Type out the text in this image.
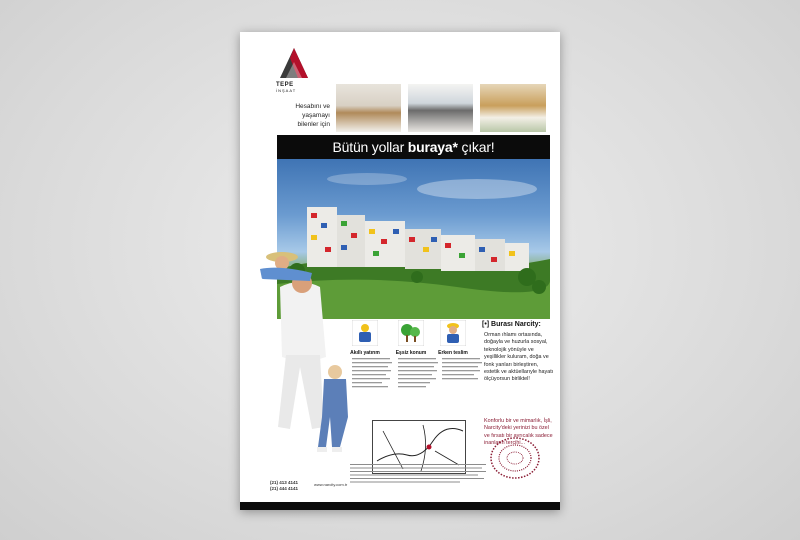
TEPE
İNŞAAT
Hesabını ve
yaşamayı
bilenler için
Bütün yollar buraya* çıkar!
Akıllı yatırım	Eşsiz konum	Erken teslim
[•] Burası Narcity:
Orman ıhlamı ortasında, doğayla ve huzurla sosyal, teknolojik yönüyle ve yeşillikler kuluram, doğa ve fonk yanları birleştiren, estetik ve aktüellarıyle hayatı ölçüyorsun birliktel!
Konforlu bir ve mimarlık, İşli, Narcity'deki yerinizi bu özel ve fırsatı bir ayrıcalık sadece inanların tercihi...
(21) 413 4141
(21) 444 4141
www.narcity.com.tr
